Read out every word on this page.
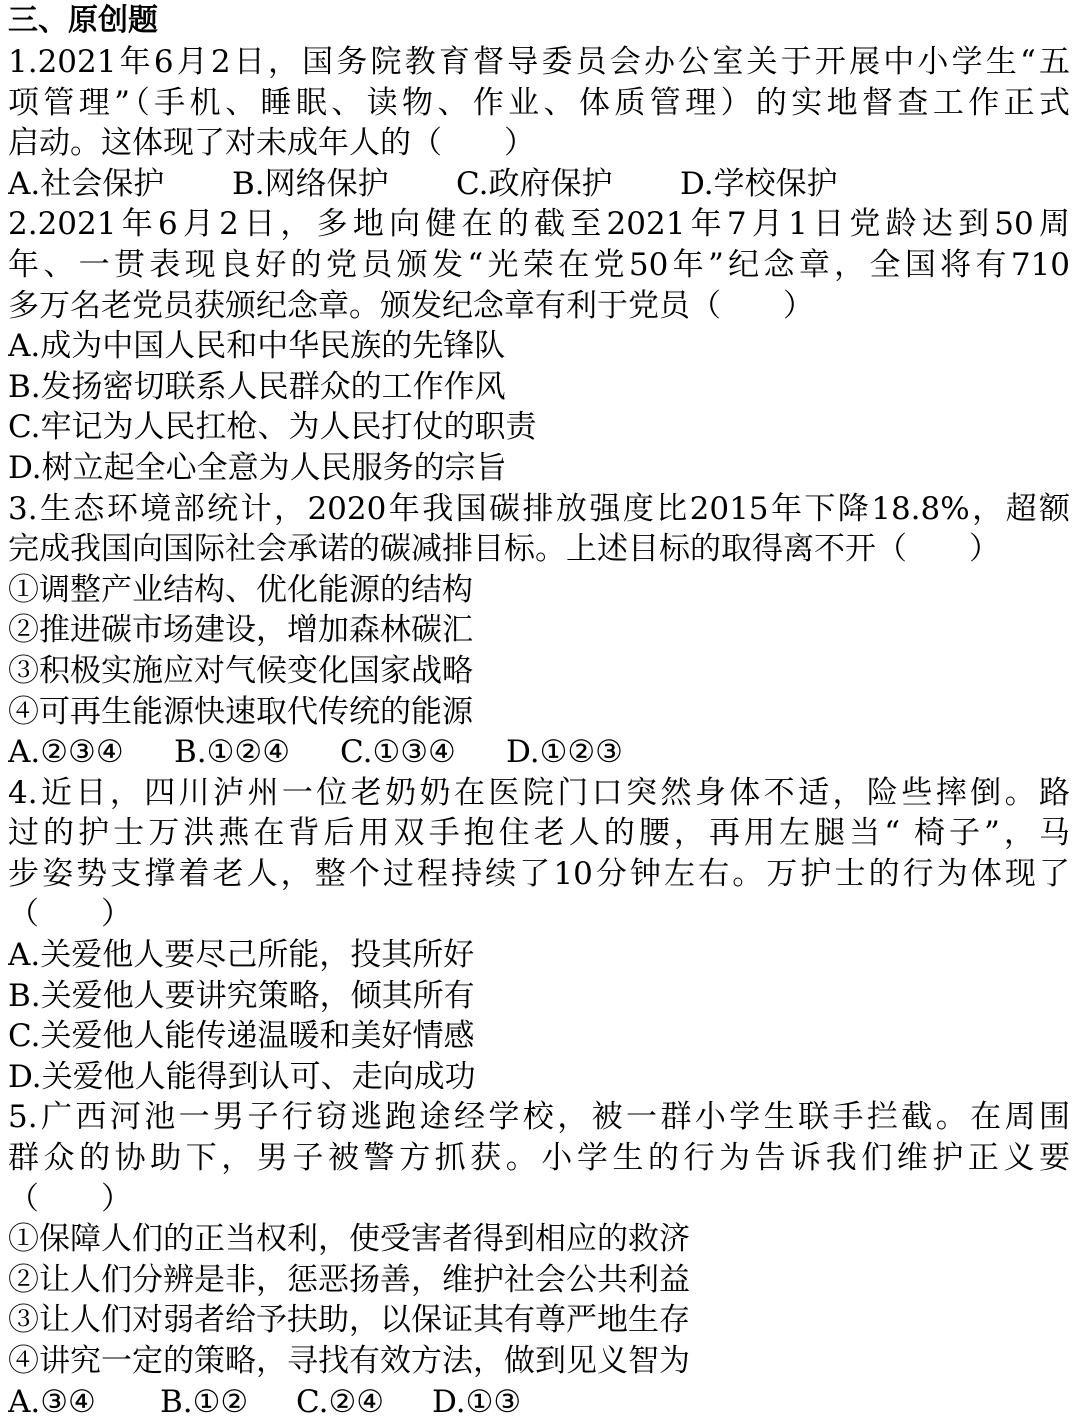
三、原创题
1.2021年6月2日，国务院教育督导委员会办公室关于开展中小学生“五
项管理”（手机、睡眠、读物、作业、体质管理）的实地督查工作正式
启动。这体现了对未成年人的（　　）
A.社会保护	B.网络保护	C.政府保护	D.学校保护
2.2021年6月2日，多地向健在的截至2021年7月1日党龄达到50周
年、一贯表现良好的党员颁发“光荣在党50年”纪念章，全国将有710
多万名老党员获颁纪念章。颁发纪念章有利于党员（　　）
A.成为中国人民和中华民族的先锋队
B.发扬密切联系人民群众的工作作风
C.牢记为人民扛枪、为人民打仗的职责
D.树立起全心全意为人民服务的宗旨
3.生态环境部统计，2020年我国碳排放强度比2015年下降18.8%，超额
完成我国向国际社会承诺的碳减排目标。上述目标的取得离不开（　　）
①调整产业结构、优化能源的结构
②推进碳市场建设，增加森林碳汇
③积极实施应对气候变化国家战略
④可再生能源快速取代传统的能源
A.②③④	B.①②④	C.①③④	D.①②③
4.近日，四川泸州一位老奶奶在医院门口突然身体不适，险些摔倒。路
过的护士万洪燕在背后用双手抱住老人的腰，再用左腿当“ 椅子”，马
步姿势支撑着老人，整个过程持续了10分钟左右。万护士的行为体现了
（　　）
A.关爱他人要尽己所能，投其所好
B.关爱他人要讲究策略，倾其所有
C.关爱他人能传递温暖和美好情感
D.关爱他人能得到认可、走向成功
5.广西河池一男子行窃逃跑途经学校，被一群小学生联手拦截。在周围
群众的协助下，男子被警方抓获。小学生的行为告诉我们维护正义要
（　　）
①保障人们的正当权利，使受害者得到相应的救济
②让人们分辨是非，惩恶扬善，维护社会公共利益
③让人们对弱者给予扶助，以保证其有尊严地生存
④讲究一定的策略，寻找有效方法，做到见义智为
A.③④	B.①②	C.②④	D.①③
